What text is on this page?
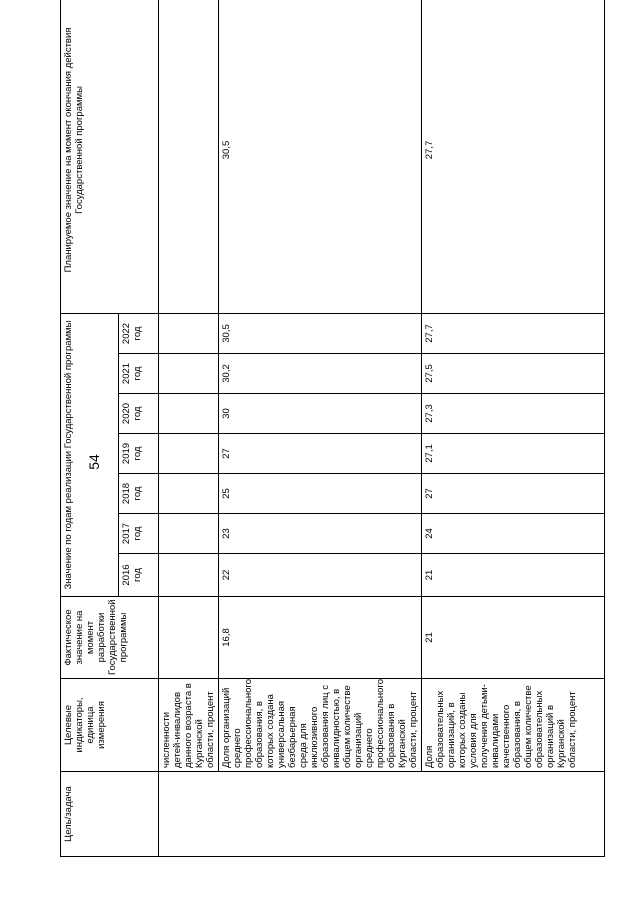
54
Цель/задача	Целевые индикаторы, единица измерения	Фактическое значение на момент разработки Государственной программы	Значение по годам реализации Государственной программы							Планируемое значение на момент окончания действия Государственной программы
			2016 год	2017 год	2018 год	2019 год	2020 год	2021 год	2022 год	
	численности детей-инвалидов данного возраста в Курганской области, процент									
	Доля организаций среднего профессионального образования, в которых создана универсальная безбарьерная среда для инклюзивного образования лиц с инвалидностью, в общем количестве организаций среднего профессионального образования в Курганской области, процент	16,8	22	23	25	27	30	30,2	30,5	30,5
	Доля образовательных организаций, в которых созданы условия для получения детьми-инвалидами качественного образования, в общем количестве образовательных организаций в Курганской области, процент	21	21	24	27	27,1	27,3	27,5	27,7	27,7
